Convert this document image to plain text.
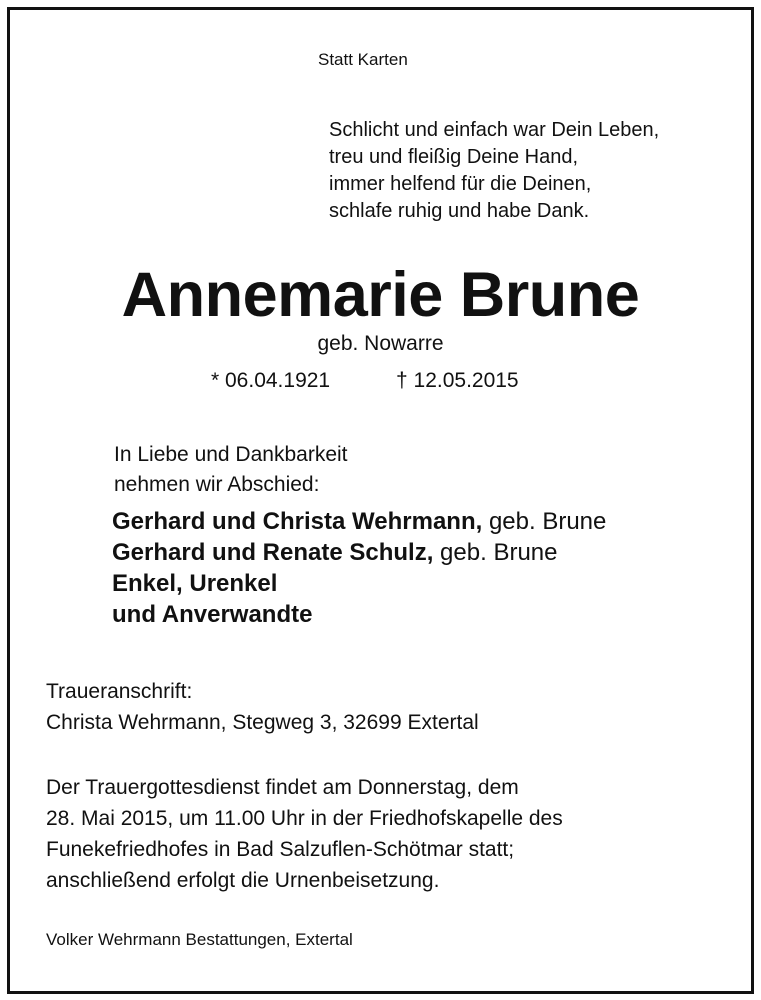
Statt Karten
Schlicht und einfach war Dein Leben,
treu und fleißig Deine Hand,
immer helfend für die Deinen,
schlafe ruhig und habe Dank.
Annemarie Brune
geb. Nowarre
* 06.04.1921	† 12.05.2015
In Liebe und Dankbarkeit
nehmen wir Abschied:
Gerhard und Christa Wehrmann, geb. Brune
Gerhard und Renate Schulz, geb. Brune
Enkel, Urenkel
und Anverwandte
Traueranschrift:
Christa Wehrmann, Stegweg 3, 32699 Extertal
Der Trauergottesdienst findet am Donnerstag, dem
28. Mai 2015, um 11.00 Uhr in der Friedhofskapelle des
Funekefriedhofes in Bad Salzuflen-Schötmar statt;
anschließend erfolgt die Urnenbeisetzung.
Volker Wehrmann Bestattungen, Extertal
